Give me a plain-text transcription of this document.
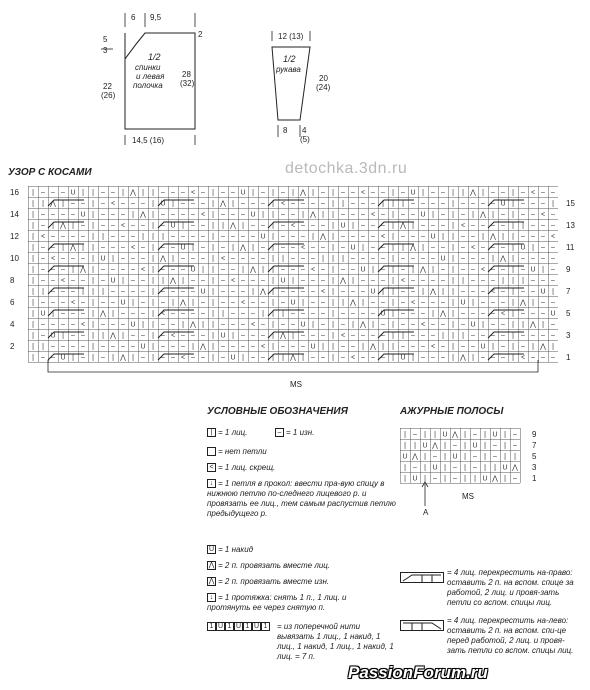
6 9,5
2
5
3
1/2
спинки
и левая
полочка
22
(26)
28
(32)
14,5 (16)
12 (13)
1/2
рукава
20
(24)
8 4
(5)
detochka.3dn.ru
УЗОР С КОСАМИ
| – – – U | | – – | ⋀ | | – – – < – | – – U | – | – | ⋀ | – | – – < – – | – U | – – | | ⋀ | – – | – < – –
| | ⋀ | – – | – < – – – | U | – – – | ⋀ | – – – | < – – – – | | – – – | | | – – – – | – – – – U | – – – |
| – – – – U | – – – | ⋀ | – – – – < | – – – U | | – – | ⋀ | | – – – < – | – – U | – | – | ⋀ | – | – – < –
| – | ⋀ | – | – – < – – | – U | – – | | ⋀ | – – | – < – – – | U | – – – | ⋀ | – – – | < – – – – | | – – –
| < – – – – | | – – – | | | – – – – | – – – – U | – – – | ⋀ | – – – – < | – – – U | | – – | ⋀ | | – – – <
| – – | ⋀ | | – – – < – | – – U | – | – | ⋀ | – | – – < – – | – U | – – | | ⋀ | – – | – < – – – | U | – –
| – < – – – | U | – – – | ⋀ | – – – | < – – – – | | – – – | | | – – – – | – – – – U | – – – | ⋀ | – – – –
| – – – | ⋀ | – – – – < | – – – U | | – – | ⋀ | | – – – < – | – – U | – | – | ⋀ | – | – – < – – | – U | –
| – – < – – | – U | – – | | ⋀ | – – | – < – – – | U | – – – | ⋀ | – – – | < – – – – | | – – – | | | – – –
| | – – – | | | – – – – | – – – – U | – – – | ⋀ | – – – – < | – – – U | | – – | ⋀ | | – – – < – | – – U |
| – – – < – | – – U | – | – | ⋀ | – | – – < – – | – U | – – | | ⋀ | – – | – < – – – | U | – – – | ⋀ | – –
| U | – – – | ⋀ | – – – | < – – – – | | – – – | | | – – – – | – – – – U | – – – | ⋀ | – – – – < | – – – U
| – – – – < | – – – U | | – – | ⋀ | | – – – < – | – – U | – | – | ⋀ | – | – – < – – | – U | – – | | ⋀ | –
| – U | – – | | ⋀ | – – | – < – – – | U | – – – | ⋀ | – – – | < – – – – | | – – – | | | – – – – | – – – –
| | – – – – | – – – – U | – – – | ⋀ | – – – – < | – – – U | | – – | ⋀ | | – – – < – | – – U | – | – | ⋀ |
| – – U | – | – | ⋀ | – | – – < – – | – U | – – | | ⋀ | – – | – < – – – | U | – – – | ⋀ | – – – | < – – –
16
14
12
10
8
6
4
2
15
13
11
9
7
5
3
1
MS
УСЛОВНЫЕ ОБОЗНАЧЕНИЯ
| = 1 лиц.	– = 1 изн.
= нет петли
< = 1 лиц. скрещ.
↓ = 1 петля в прокол: ввести пра-вую спицу в нижнюю петлю по-следнего лицевого р. и провязать ее лиц., тем самым распустив петлю предыдущего р.
U = 1 накид
⋀ = 2 п. провязать вместе лиц.
⋀ = 2 п. провязать вместе изн.
↓ = 1 протяжка: снять 1 п., 1 лиц. и протянуть ее через снятую п.
1 U 1 U 1 U 1	= из поперечной нити вывязать 1 лиц., 1 накид, 1 лиц., 1 накид, 1 лиц., 1 накид, 1 лиц. = 7 п.
АЖУРНЫЕ ПОЛОСЫ
| – | | U ⋀ | – | U | –
| | U ⋀ | – | U | – | –
U ⋀ | – | U | – | – | |
| – | U | – | – | | U ⋀
| U | – | – | | U ⋀ | –
9
7
5
3
1
MS
A
= 4 лиц. перекрестить на-право: оставить 2 п. на вспом. спице за работой, 2 лиц. и провя-зать петли со вспом. спицы лиц.
= 4 лиц. перекрестить на-лево: оставить 2 п. на вспом. спи-це перед работой, 2 лиц. и провя-зать петли со вспом. спицы лиц.
PassionForum.ru
